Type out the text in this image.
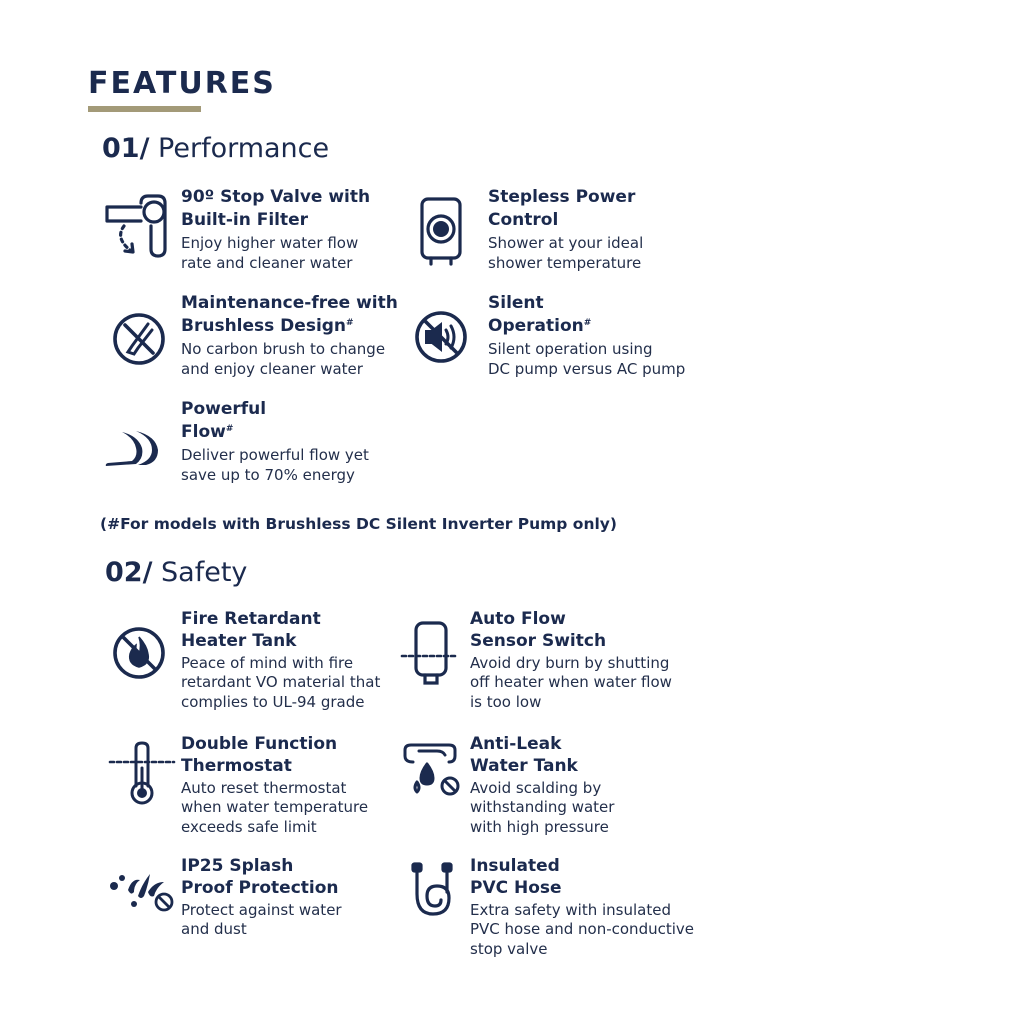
FEATURES
01/ Performance

90º Stop Valve with
Built-in Filter

Enjoy higher water flow
rate and cleaner water

Stepless Power
Control

Shower at your ideal
shower temperature

Maintenance-free with
Brushless Design#

No carbon brush to change
and enjoy cleaner water

Silent
Operation#

Silent operation using
DC pump versus AC pump

Powerful
Flow#

Deliver powerful flow yet
save up to 70% energy

(#For models with Brushless DC Silent Inverter Pump only)

02/ Safety

Fire Retardant
Heater Tank

Peace of mind with fire
retardant VO material that
complies to UL-94 grade

Auto Flow
Sensor Switch

Avoid dry burn by shutting
off heater when water flow
is too low

Double Function
Thermostat

Auto reset thermostat
when water temperature
exceeds safe limit

Anti-Leak
Water Tank

Avoid scalding by
withstanding water
with high pressure

IP25 Splash
Proof Protection

Protect against water
and dust

Insulated
PVC Hose

Extra safety with insulated
PVC hose and non-conductive
stop valve
